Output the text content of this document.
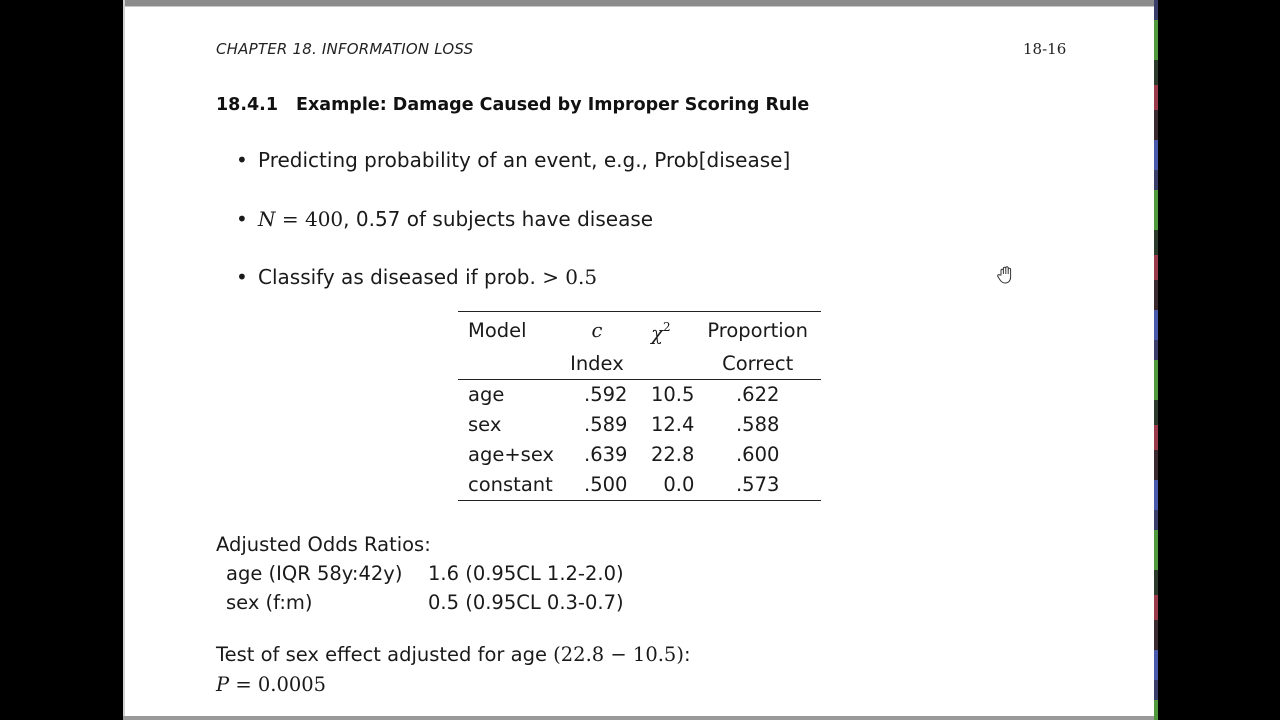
CHAPTER 18. INFORMATION LOSS	18-16
18.4.1 Example: Damage Caused by Improper Scoring Rule
• Predicting probability of an event, e.g., Prob[disease]
• N = 400, 0.57 of subjects have disease
• Classify as diseased if prob. > 0.5
Model	c	$\chi^2$	Proportion
	Index		Correct
age	.592	10.5	.622
sex	.589	12.4	.588
age+sex	.639	22.8	.600
constant	.500	0.0	.573
Adjusted Odds Ratios:
age (IQR 58y:42y)	1.6 (0.95CL 1.2-2.0)
sex (f:m)	0.5 (0.95CL 0.3-0.7)
Test of sex effect adjusted for age (22.8 − 10.5):
P = 0.0005
